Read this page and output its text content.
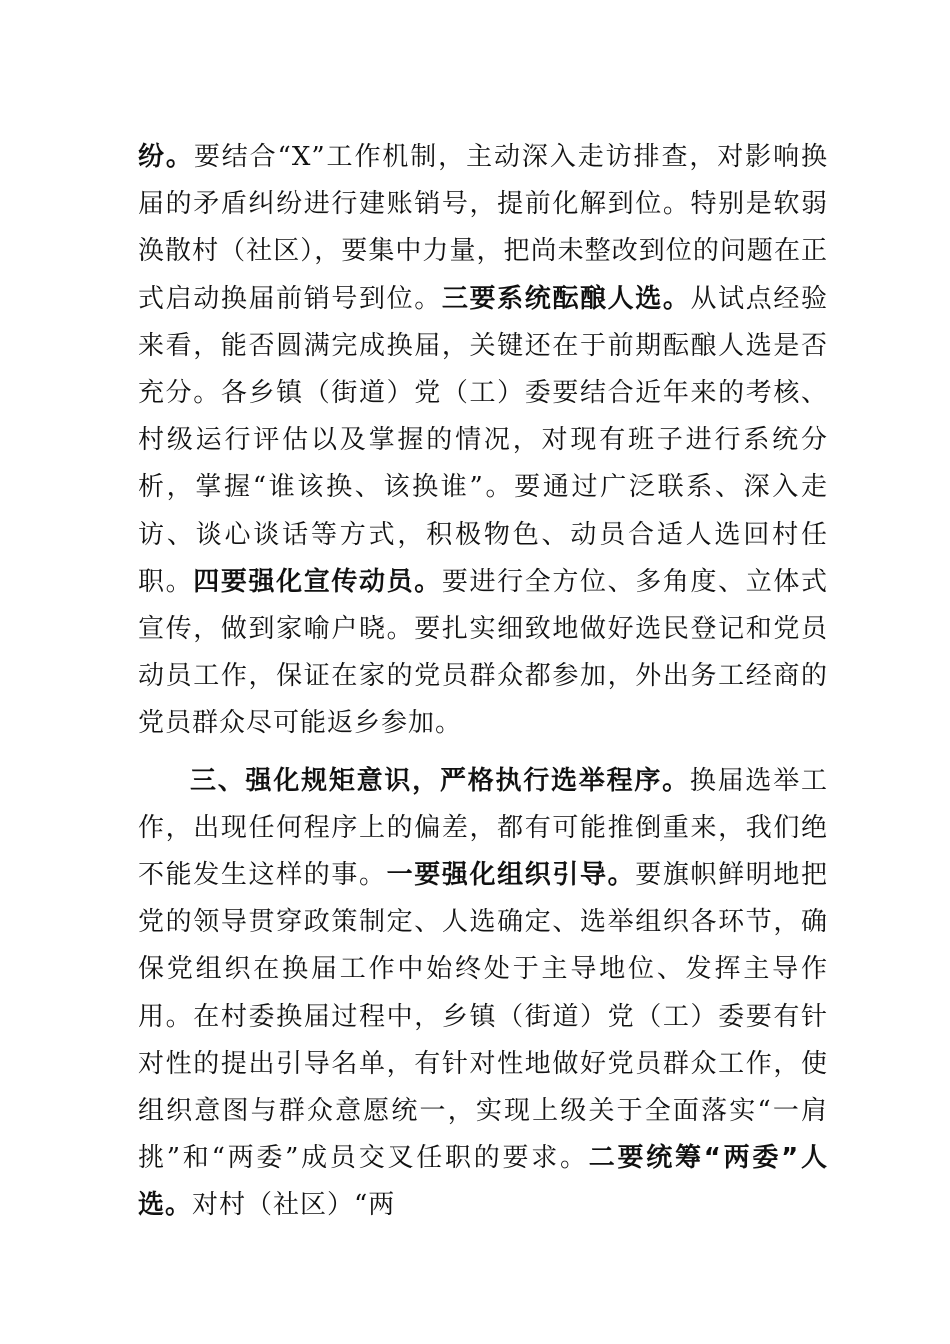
纷。要结合“X”工作机制，主动深入走访排查，对影响换届的矛盾纠纷进行建账销号，提前化解到位。特别是软弱涣散村（社区），要集中力量，把尚未整改到位的问题在正式启动换届前销号到位。三要系统酝酿人选。从试点经验来看，能否圆满完成换届，关键还在于前期酝酿人选是否充分。各乡镇（街道）党（工）委要结合近年来的考核、村级运行评估以及掌握的情况，对现有班子进行系统分析，掌握“谁该换、该换谁”。要通过广泛联系、深入走访、谈心谈话等方式，积极物色、动员合适人选回村任职。四要强化宣传动员。要进行全方位、多角度、立体式宣传，做到家喻户晓。要扎实细致地做好选民登记和党员动员工作，保证在家的党员群众都参加，外出务工经商的党员群众尽可能返乡参加。

三、强化规矩意识，严格执行选举程序。换届选举工作，出现任何程序上的偏差，都有可能推倒重来，我们绝不能发生这样的事。一要强化组织引导。要旗帜鲜明地把党的领导贯穿政策制定、人选确定、选举组织各环节，确保党组织在换届工作中始终处于主导地位、发挥主导作用。在村委换届过程中，乡镇（街道）党（工）委要有针对性的提出引导名单，有针对性地做好党员群众工作，使组织意图与群众意愿统一，实现上级关于全面落实“一肩挑”和“两委”成员交叉任职的要求。二要统筹“两委”人选。对村（社区）“两
